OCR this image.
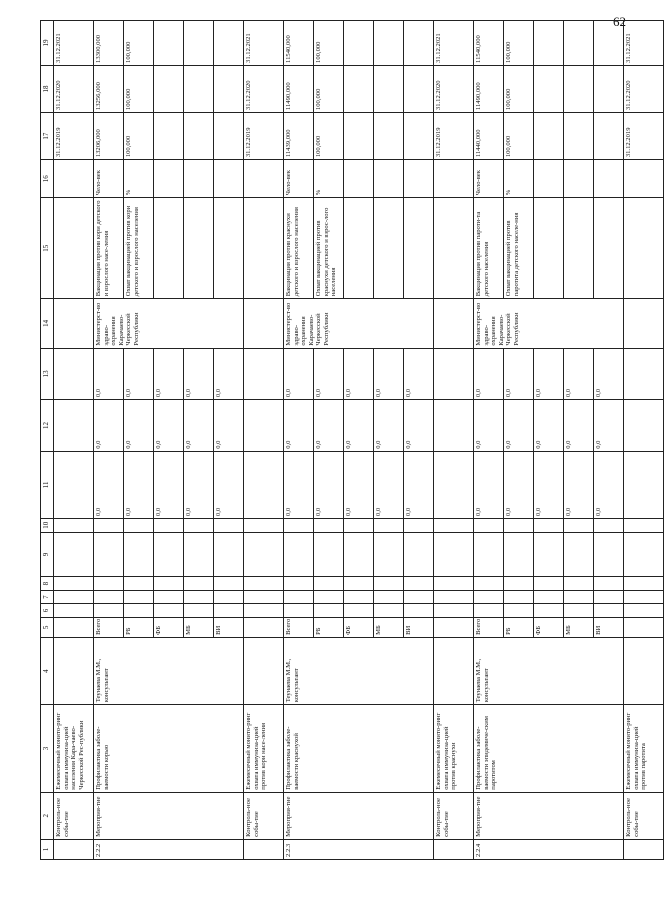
62
1	2	3	4	5	6	7	8	9	10	11	12	13	14	15	16	17	18	19
	Контроль-ное собы-тие	Ежемесячный монито-ринг охвата иммуниза-цией населения Кара-чаево-Черкесской Рес-публики														31.12.2019	31.12.2020	31.12.2021
2.2.2	Мероприя-тие	Профилактика заболе-ваемости корью	Теунаева М.М., консультант	Всего						0,0	0,0	0,0	Министерст-во здраво-охранения Карачаево-Черкесской Республики	Вакцинация против кори детского и взрослого насе-ления	Чело-век	13206,000	13256,000	13300,000
				РБ						0,0	0,0	0,0		Охват вакцинацией против кори детского и взрослого населения	%	100,000	100,000	100,000
				ФБ						0,0	0,0	0,0						
				МБ						0,0	0,0	0,0						
				ВИ						0,0	0,0	0,0						
	Контроль-ное собы-тие	Ежемесячный монито-ринг охвата иммуниза-цией против кори насе-ления														31.12.2019	31.12.2020	31.12.2021
2.2.3	Мероприя-тие	Профилактика заболе-ваемости краснухой	Теунаева М.М., консультант	Всего						0,0	0,0	0,0	Министерст-во здраво-охранения Карачаево-Черкесской Республики	Вакцинация против краснухи детского и взрослого населения	Чело-век	11439,000	11490,000	11540,000
				РБ						0,0	0,0	0,0		Охват вакцинацией против краснухи детского и взрос-лого населения	%	100,000	100,000	100,000
				ФБ						0,0	0,0	0,0						
				МБ						0,0	0,0	0,0						
				ВИ						0,0	0,0	0,0						
	Контроль-ное собы-тие	Ежемесячный монито-ринг охвата иммуниза-цией против краснухи														31.12.2019	31.12.2020	31.12.2021
2.2.4	Мероприя-тие	Профилактика заболе-ваемости эпидемиче-ским паротитом	Теунаева М.М., консультант	Всего						0,0	0,0	0,0	Министерст-во здраво-охранения Карачаево-Черкесской Республики	Вакцинация против пароти-та детского населения	Чело-век	11440,000	11490,000	11540,000
				РБ						0,0	0,0	0,0		Охват вакцинацией против паротита детского населе-ния	%	100,000	100,000	100,000
				ФБ						0,0	0,0	0,0						
				МБ						0,0	0,0	0,0						
				ВИ						0,0	0,0	0,0						
	Контроль-ное собы-тие	Ежемесячный монито-ринг охвата иммуниза-цией против паротита														31.12.2019	31.12.2020	31.12.2021
